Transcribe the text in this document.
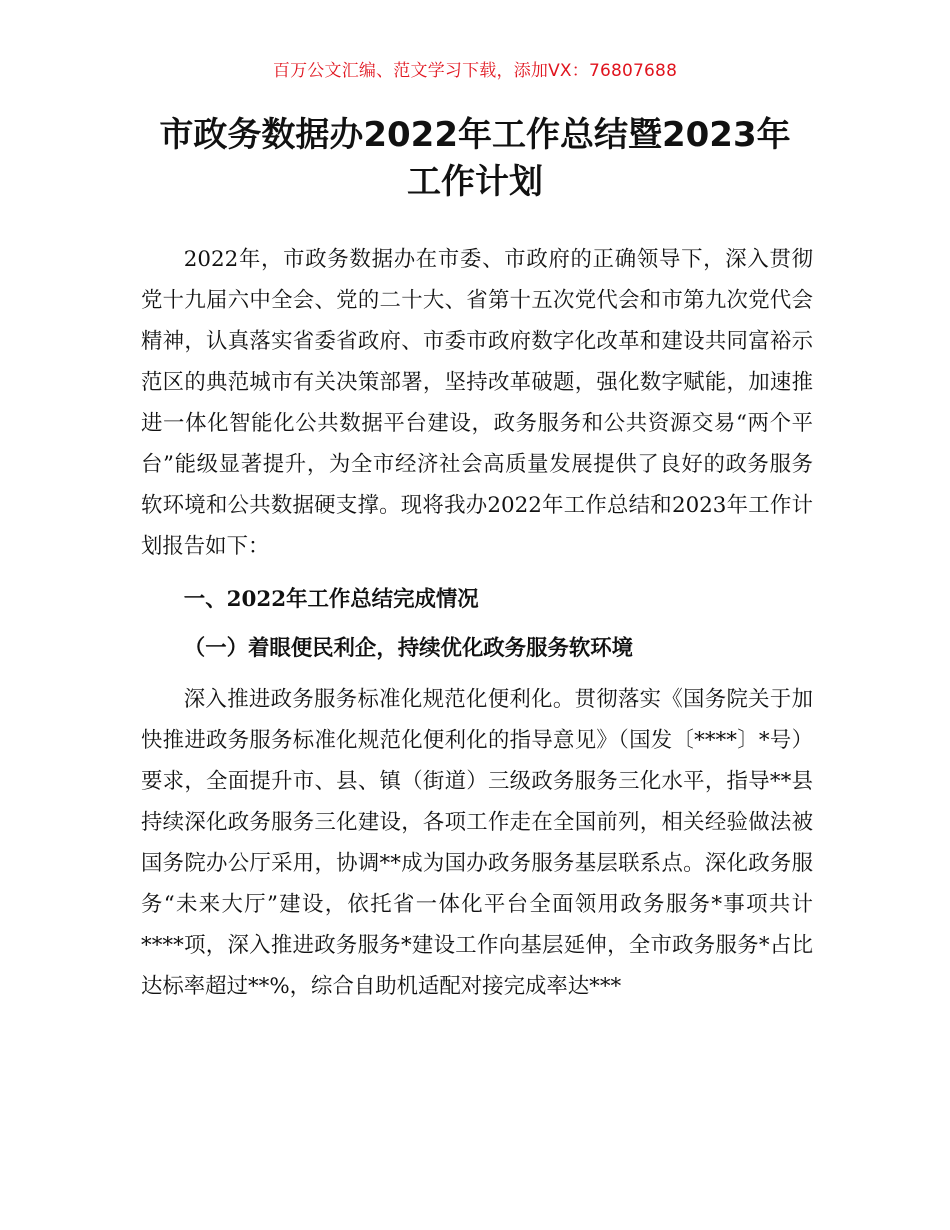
百万公文汇编、范文学习下载，添加VX：76807688
市政务数据办2022年工作总结暨2023年
工作计划

2022年，市政务数据办在市委、市政府的正确领导下，深入贯彻党十九届六中全会、党的二十大、省第十五次党代会和市第九次党代会精神，认真落实省委省政府、市委市政府数字化改革和建设共同富裕示范区的典范城市有关决策部署，坚持改革破题，强化数字赋能，加速推进一体化智能化公共数据平台建设，政务服务和公共资源交易“两个平台”能级显著提升，为全市经济社会高质量发展提供了良好的政务服务软环境和公共数据硬支撑。现将我办2022年工作总结和2023年工作计划报告如下：

一、2022年工作总结完成情况

（一）着眼便民利企，持续优化政务服务软环境

深入推进政务服务标准化规范化便利化。贯彻落实《国务院关于加快推进政务服务标准化规范化便利化的指导意见》（国发〔****〕*号）要求，全面提升市、县、镇（街道）三级政务服务三化水平，指导**县持续深化政务服务三化建设，各项工作走在全国前列，相关经验做法被国务院办公厅采用，协调**成为国办政务服务基层联系点。深化政务服务“未来大厅”建设，依托省一体化平台全面领用政务服务*事项共计****项，深入推进政务服务*建设工作向基层延伸，全市政务服务*占比达标率超过**%，综合自助机适配对接完成率达***
